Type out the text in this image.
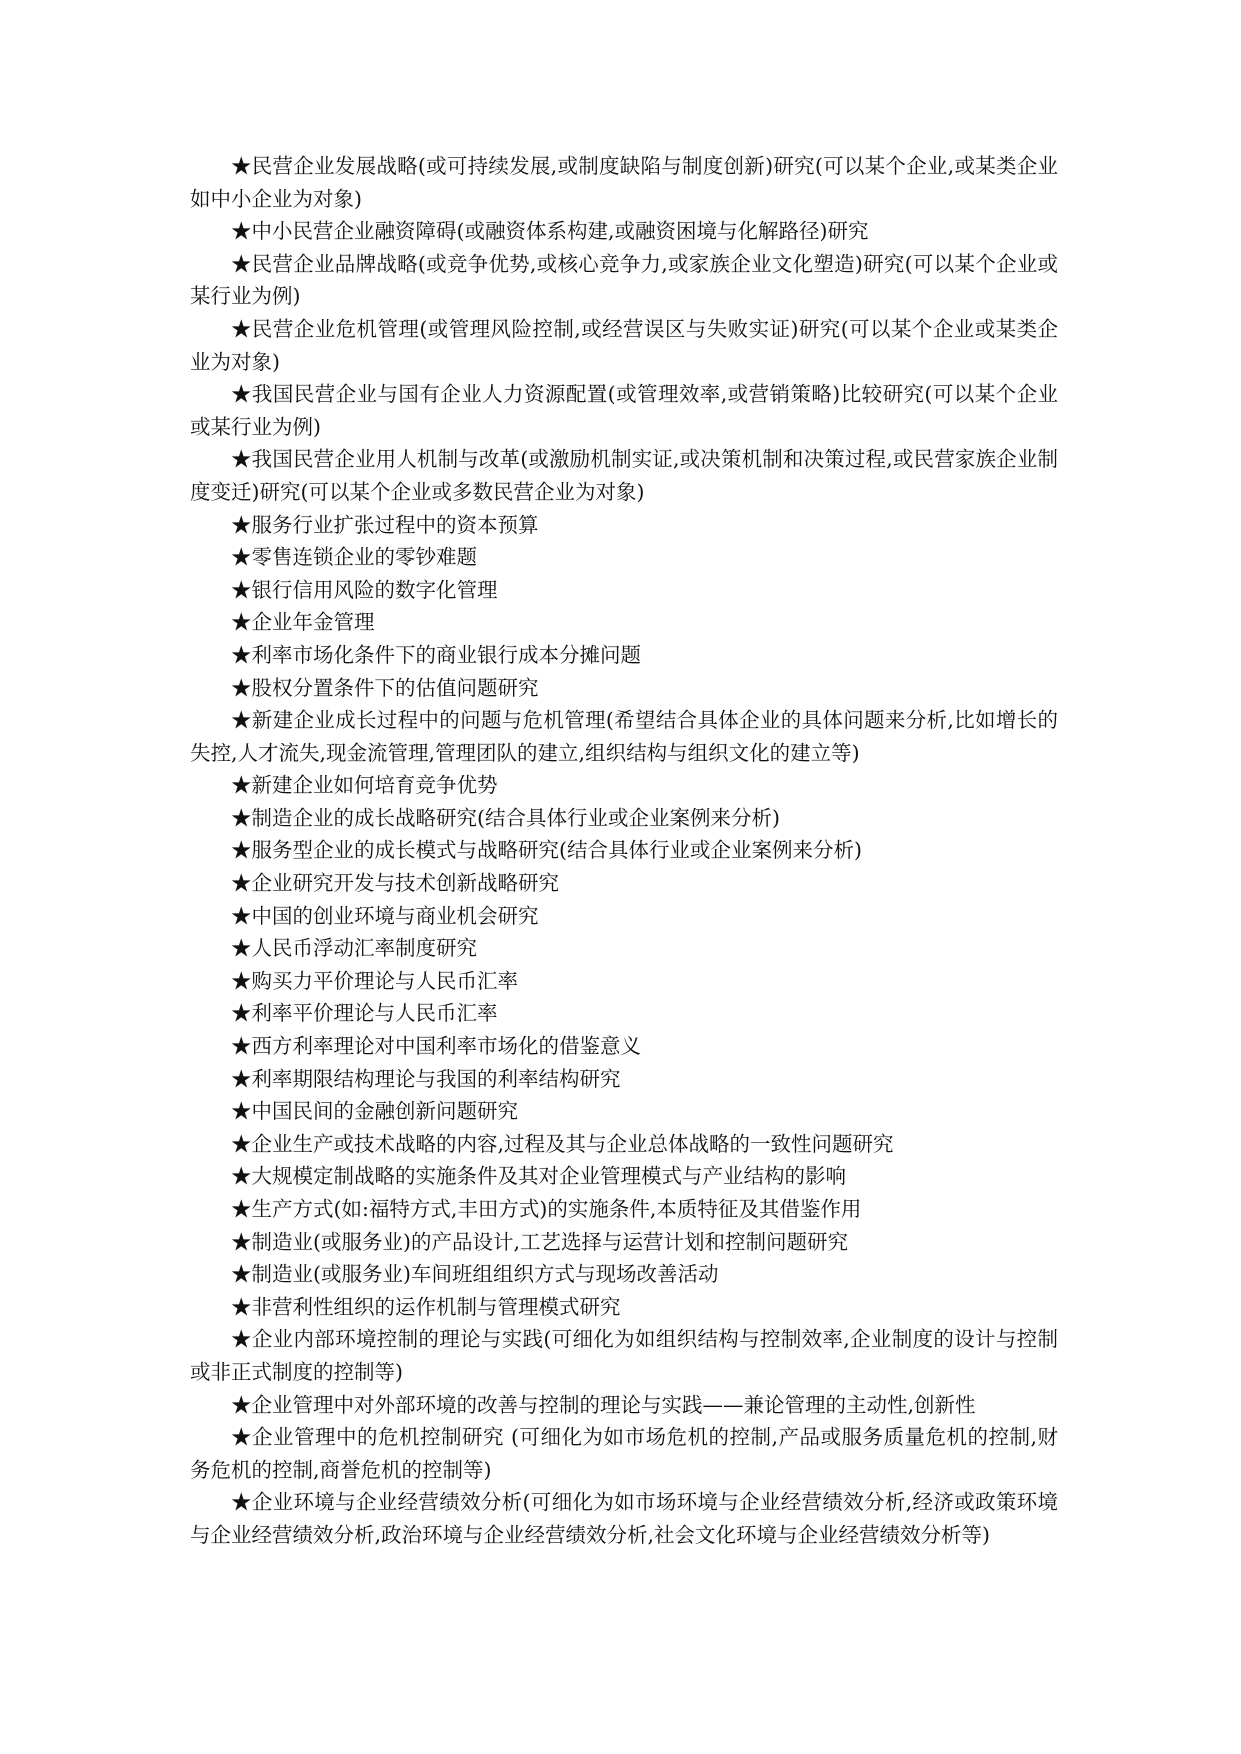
★民营企业发展战略(或可持续发展,或制度缺陷与制度创新)研究(可以某个企业,或某类企业如中小企业为对象)

★中小民营企业融资障碍(或融资体系构建,或融资困境与化解路径)研究

★民营企业品牌战略(或竞争优势,或核心竞争力,或家族企业文化塑造)研究(可以某个企业或某行业为例)

★民营企业危机管理(或管理风险控制,或经营误区与失败实证)研究(可以某个企业或某类企业为对象)

★我国民营企业与国有企业人力资源配置(或管理效率,或营销策略)比较研究(可以某个企业或某行业为例)

★我国民营企业用人机制与改革(或激励机制实证,或决策机制和决策过程,或民营家族企业制度变迁)研究(可以某个企业或多数民营企业为对象)

★服务行业扩张过程中的资本预算

★零售连锁企业的零钞难题

★银行信用风险的数字化管理

★企业年金管理

★利率市场化条件下的商业银行成本分摊问题

★股权分置条件下的估值问题研究

★新建企业成长过程中的问题与危机管理(希望结合具体企业的具体问题来分析,比如增长的失控,人才流失,现金流管理,管理团队的建立,组织结构与组织文化的建立等)

★新建企业如何培育竞争优势

★制造企业的成长战略研究(结合具体行业或企业案例来分析)

★服务型企业的成长模式与战略研究(结合具体行业或企业案例来分析)

★企业研究开发与技术创新战略研究

★中国的创业环境与商业机会研究

★人民币浮动汇率制度研究

★购买力平价理论与人民币汇率

★利率平价理论与人民币汇率

★西方利率理论对中国利率市场化的借鉴意义

★利率期限结构理论与我国的利率结构研究

★中国民间的金融创新问题研究

★企业生产或技术战略的内容,过程及其与企业总体战略的一致性问题研究

★大规模定制战略的实施条件及其对企业管理模式与产业结构的影响

★生产方式(如:福特方式,丰田方式)的实施条件,本质特征及其借鉴作用

★制造业(或服务业)的产品设计,工艺选择与运营计划和控制问题研究

★制造业(或服务业)车间班组组织方式与现场改善活动

★非营利性组织的运作机制与管理模式研究

★企业内部环境控制的理论与实践(可细化为如组织结构与控制效率,企业制度的设计与控制或非正式制度的控制等)

★企业管理中对外部环境的改善与控制的理论与实践——兼论管理的主动性,创新性

★企业管理中的危机控制研究 (可细化为如市场危机的控制,产品或服务质量危机的控制,财务危机的控制,商誉危机的控制等)

★企业环境与企业经营绩效分析(可细化为如市场环境与企业经营绩效分析,经济或政策环境与企业经营绩效分析,政治环境与企业经营绩效分析,社会文化环境与企业经营绩效分析等)
